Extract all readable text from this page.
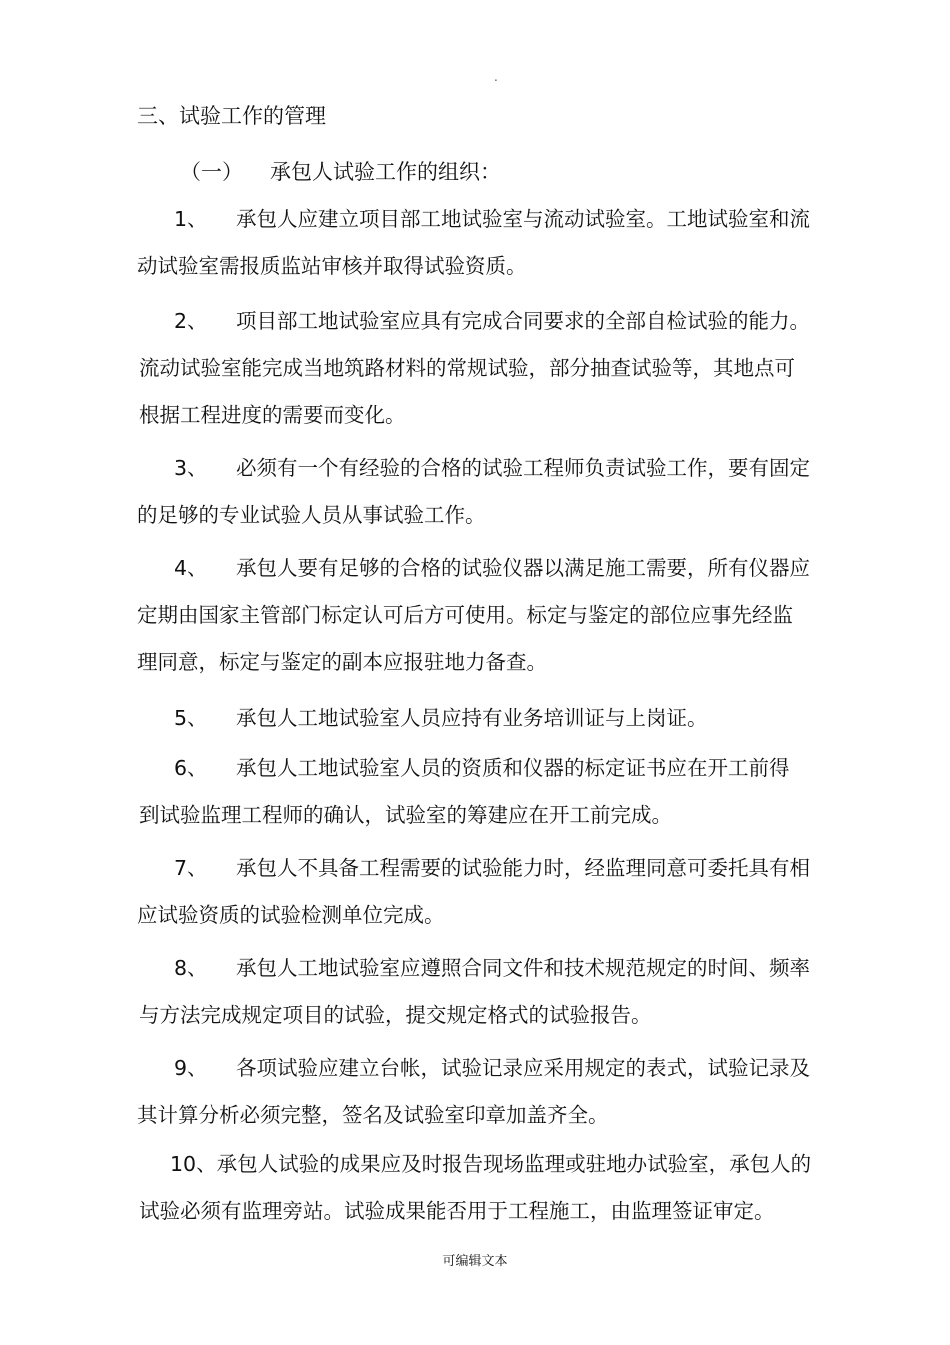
.
三、试验工作的管理
（一） 承包人试验工作的组织：

1、 承包人应建立项目部工地试验室与流动试验室。工地试验室和流

动试验室需报质监站审核并取得试验资质。

2、 项目部工地试验室应具有完成合同要求的全部自检试验的能力。

流动试验室能完成当地筑路材料的常规试验，部分抽查试验等，其地点可

根据工程进度的需要而变化。

3、 必须有一个有经验的合格的试验工程师负责试验工作，要有固定

的足够的专业试验人员从事试验工作。

4、 承包人要有足够的合格的试验仪器以满足施工需要，所有仪器应

定期由国家主管部门标定认可后方可使用。标定与鉴定的部位应事先经监

理同意，标定与鉴定的副本应报驻地力备查。

5、 承包人工地试验室人员应持有业务培训证与上岗证。

6、 承包人工地试验室人员的资质和仪器的标定证书应在开工前得

到试验监理工程师的确认，试验室的筹建应在开工前完成。

7、 承包人不具备工程需要的试验能力时，经监理同意可委托具有相

应试验资质的试验检测单位完成。

8、 承包人工地试验室应遵照合同文件和技术规范规定的时间、频率

与方法完成规定项目的试验，提交规定格式的试验报告。

9、 各项试验应建立台帐，试验记录应采用规定的表式，试验记录及

其计算分析必须完整，签名及试验室印章加盖齐全。

10、承包人试验的成果应及时报告现场监理或驻地办试验室，承包人的

试验必须有监理旁站。试验成果能否用于工程施工，由监理签证审定。

可编辑文本
